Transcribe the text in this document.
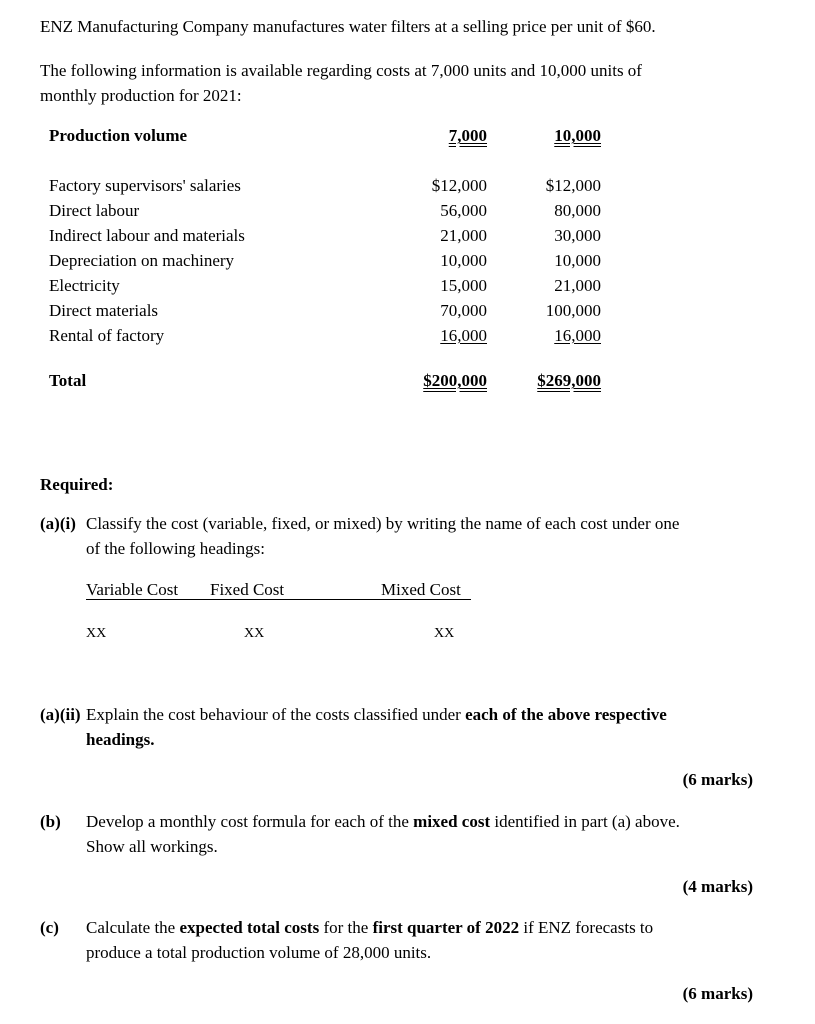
ENZ Manufacturing Company manufactures water filters at a selling price per unit of $60.
The following information is available regarding costs at 7,000 units and 10,000 units of
monthly production for 2021:
Production volume	7,000	10,000
Factory supervisors' salaries	$12,000	$12,000
Direct labour	56,000	80,000
Indirect labour and materials	21,000	30,000
Depreciation on machinery	10,000	10,000
Electricity	15,000	21,000
Direct materials	70,000	100,000
Rental of factory	16,000	16,000
Total	$200,000	$269,000
Required:
(a)(i) Classify the cost (variable, fixed, or mixed) by writing the name of each cost under one
of the following headings:
Variable Cost Fixed Cost	Mixed Cost
XX	XX	XX
(a)(ii) Explain the cost behaviour of the costs classified under each of the above respective
headings.
(6 marks)
(b) Develop a monthly cost formula for each of the mixed cost identified in part (a) above.
Show all workings.
(4 marks)
(c) Calculate the expected total costs for the first quarter of 2022 if ENZ forecasts to
produce a total production volume of 28,000 units.
(6 marks)
